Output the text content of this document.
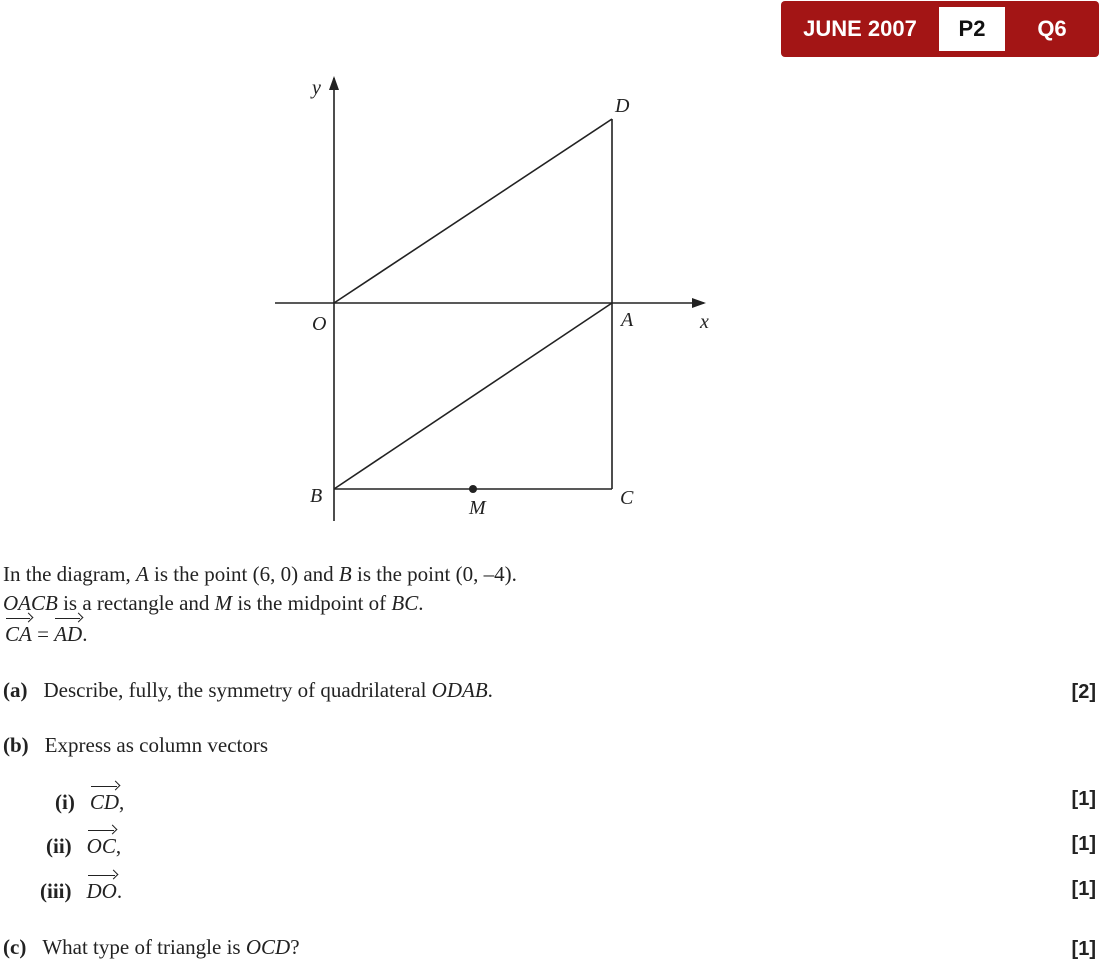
JUNE 2007	P2	Q6
y
x
O	A
D
B	C
M
In the diagram, A is the point (6, 0) and B is the point (0, –4).
OACB is a rectangle and M is the midpoint of BC.
CA = AD.
(a) Describe, fully, the symmetry of quadrilateral ODAB.	[2]
(b) Express as column vectors
(i) CD,	[1]
(ii) OC,	[1]
(iii) DO.	[1]
(c) What type of triangle is OCD?	[1]
